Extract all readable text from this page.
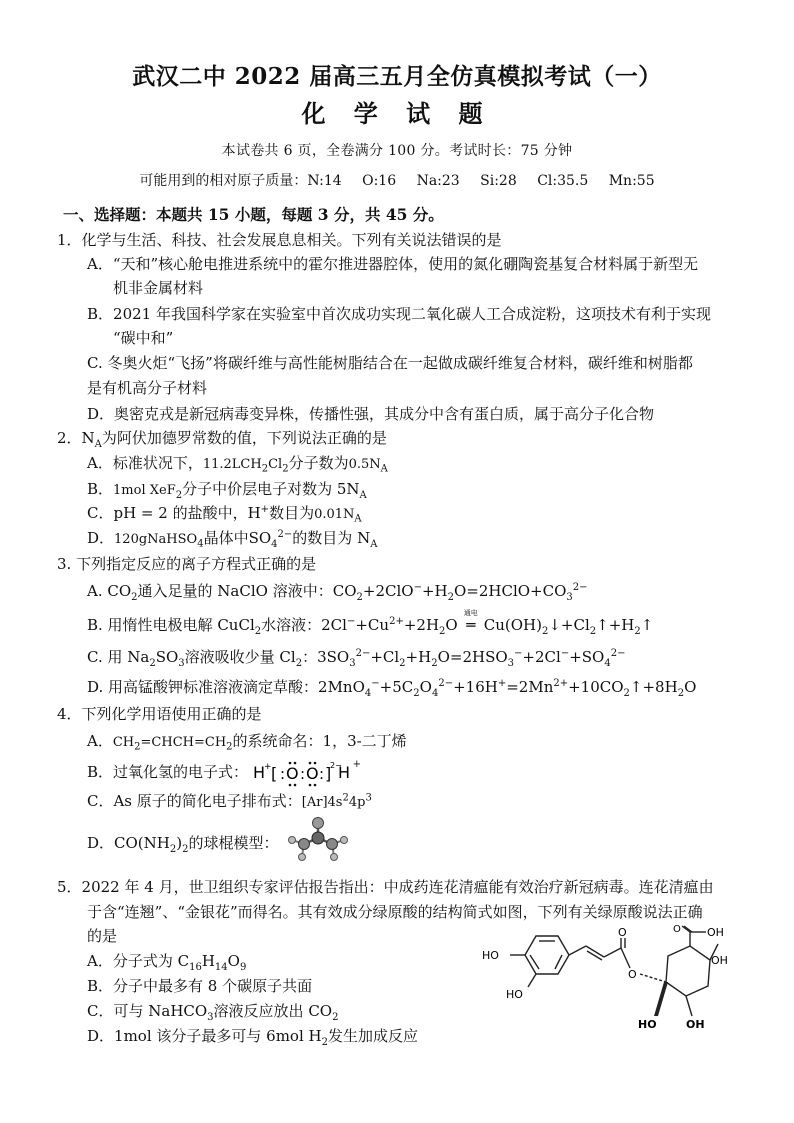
武汉二中 2022 届高三五月全仿真模拟考试（一）
化 学 试 题
本试卷共 6 页，全卷满分 100 分。考试时长：75 分钟
可能用到的相对原子质量：N:14　 O:16　 Na:23　 Si:28　 Cl:35.5　 Mn:55
一、选择题：本题共 15 小题，每题 3 分，共 45 分。
1．化学与生活、科技、社会发展息息相关。下列有关说法错误的是
A．“天和”核心舱电推进系统中的霍尔推进器腔体，使用的氮化硼陶瓷基复合材料属于新型无
机非金属材料
B．2021 年我国科学家在实验室中首次成功实现二氧化碳人工合成淀粉，这项技术有利于实现
“碳中和”
C. 冬奥火炬“飞扬”将碳纤维与高性能树脂结合在一起做成碳纤维复合材料，碳纤维和树脂都
是有机高分子材料
D．奥密克戎是新冠病毒变异株，传播性强，其成分中含有蛋白质，属于高分子化合物
2．$N_A$为阿伏加德罗常数的值，下列说法正确的是
A．标准状况下，$11.2LCH_2Cl_2$分子数为$0.5N_A$
B．1mol XeF$_2$分子中价层电子对数为 $5N_A$
C．pH = 2 的盐酸中，H+数目为$0.01N_A$
D．120gNaHSO$_4$晶体中$SO_4^{2-}$的数目为 $N_A$
3. 下列指定反应的离子方程式正确的是
A. $CO_2$通入足量的 NaClO 溶液中：$CO_2+2ClO^-+H_2O=2HClO+CO_3^{2-}$
B. 用惰性电极电解 CuCl$_2$水溶液：$2Cl^-+Cu^{2+}+2H_2O$
通电
═ $Cu(OH)_2↓+Cl_2↑+H_2↑$
C. 用 $Na_2SO_3$溶液吸收少量 $Cl_2$：$3SO_3^{2-}+Cl_2+H_2O=2HSO_3^-+2Cl^-+SO_4^{2-}$
D. 用高锰酸钾标准溶液滴定草酸：$2MnO_4^-+5C_2O_4^{2-}+16H^+=2Mn^{2+}+10CO_2↑+8H_2O$
4．下列化学用语使用正确的是
A．$CH_2=CHCH=CH_2$的系统命名：1，3-二丁烯
B．过氧化氢的电子式： H
+ [ : O : O : ]
2−
H +
C．As 原子的简化电子排布式：$[Ar]4s^24p^3$
D．$CO(NH_2)_2$的球棍模型：
5．2022 年 4 月，世卫组织专家评估报告指出：中成药连花清瘟能有效治疗新冠病毒。连花清瘟由
于含“连翘”、“金银花”而得名。其有效成分绿原酸的结构简式如图，下列有关绿原酸说法正确
的是
A．分子式为 $C_{16}H_{14}O_9$
B．分子中最多有 8 个碳原子共面
C．可与 NaHCO$_3$溶液反应放出 $CO_2$
D．1mol 该分子最多可与 6mol $H_2$发生加成反应
HO
HO
O
O
O OH
OH
HO	OH
